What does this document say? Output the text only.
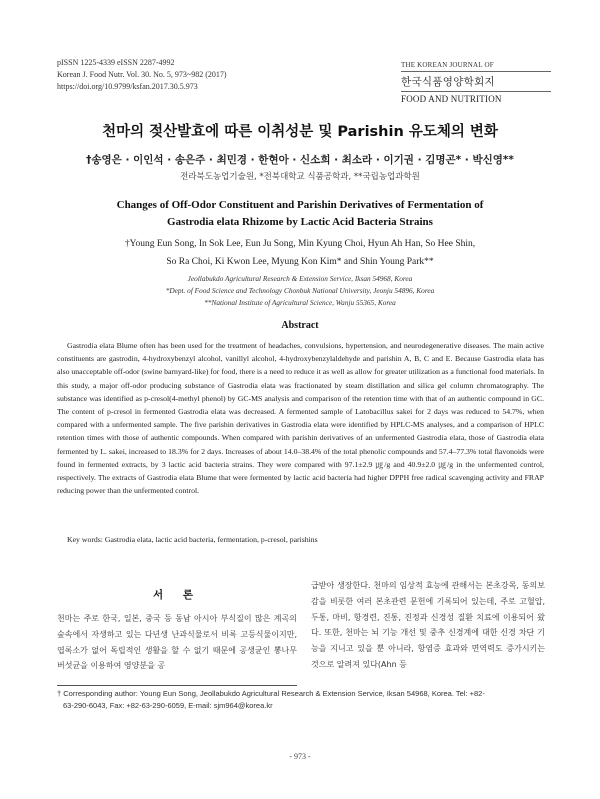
pISSN 1225-4339 eISSN 2287-4992
Korean J. Food Nutr. Vol. 30. No. 5, 973~982 (2017)
https://doi.org/10.9799/ksfan.2017.30.5.973
THE KOREAN JOURNAL OF
한국식품영양학회지
FOOD AND NUTRITION
천마의 젖산발효에 따른 이취성분 및 Parishin 유도체의 변화
†송영은 · 이인석 · 송은주 · 최민경 · 한현아 · 신소희 · 최소라 · 이기권 · 김명곤* · 박신영**
전라북도농업기술원, *전북대학교 식품공학과, **국립농업과학원
Changes of Off-Odor Constituent and Parishin Derivatives of Fermentation of
Gastrodia elata Rhizome by Lactic Acid Bacteria Strains
†Young Eun Song, In Sok Lee, Eun Ju Song, Min Kyung Choi, Hyun Ah Han, So Hee Shin,
So Ra Choi, Ki Kwon Lee, Myung Kon Kim* and Shin Young Park**
Jeollabukdo Agricultural Research & Extension Service, Iksan 54968, Korea
*Dept. of Food Science and Technology Chonbuk National University, Jeonju 54896, Korea
**National Institute of Agricultural Science, Wanju 55365, Korea
Abstract

Gastrodia elata Blume often has been used for the treatment of headaches, convulsions, hypertension, and neurodegenerative diseases. The main active constituents are gastrodin, 4-hydroxybenzyl alcohol, vanillyl alcohol, 4-hydroxybenzylaldehyde and parishin A, B, C and E. Because Gastrodia elata has also unacceptable off-odor (swine barnyard-like) for food, there is a need to reduce it as well as allow for greater utilization as a functional food materials. In this study, a major off-odor producing substance of Gastrodia elata was fractionated by steam distillation and silica gel column chromatography. The substance was identified as p-cresol(4-methyl phenol) by GC-MS analysis and comparison of the retention time with that of an authentic compound in GC. The content of p-cresol in fermented Gastrodia elata was decreased. A fermented sample of Latobacillus sakei for 2 days was reduced to 54.7%, when compared with a unfermented sample. The five parishin derivatives in Gastrodia elata were identified by HPLC-MS analyses, and a comparison of HPLC retention times with those of authentic compounds. When compared with parishin derivatives of an unfermented Gastrodia elata, those of Gastrodia elata fermented by L. sakei, increased to 18.3% for 2 days. Increases of about 14.0–38.4% of the total phenolic compounds and 57.4–77.3% total flavonoids were found in fermented extracts, by 3 lactic acid bacteria strains. They were compared with 97.1±2.9 ㎍/g and 40.9±2.0 ㎍/g in the unfermented control, respectively. The extracts of Gastrodia elata Blume that were fermented by lactic acid bacteria had higher DPPH free radical scavenging activity and FRAP reducing power than the unfermented control.

Key words: Gastrodia elata, lactic acid bacteria, fermentation, p-cresol, parishins
서 론
천마는 주로 한국, 일본, 중국 등 동남 아시아 부식질이 많은 계곡의 숲속에서 자생하고 있는 다년생 난과식물로서 비록 고등식물이지만, 엽록소가 없어 독립적인 생활을 할 수 없기 때문에 공생균인 뽕나무 버섯균을 이용하여 영양분을 공
급받아 생장한다. 천마의 임상적 효능에 관해서는 본초강목, 동의보감을 비롯한 여러 본초관련 문헌에 기록되어 있는데, 주로 고혈압, 두통, 마비, 항경련, 진통, 진정과 신경성 질환 치료에 이용되어 왔다. 또한, 천마는 뇌 기능 개선 및 중추 신경계에 대한 신경 차단 기능을 지니고 있을 뿐 아니라, 항염증 효과와 면역력도 증가시키는 것으로 알려져 있다(Ahn 등
† Corresponding author: Young Eun Song, Jeollabukdo Agricultural Research & Extension Service, Iksan 54968, Korea. Tel: +82-
63-290-6043, Fax: +82-63-290-6059, E-mail: sjm964@korea.kr
- 973 -
